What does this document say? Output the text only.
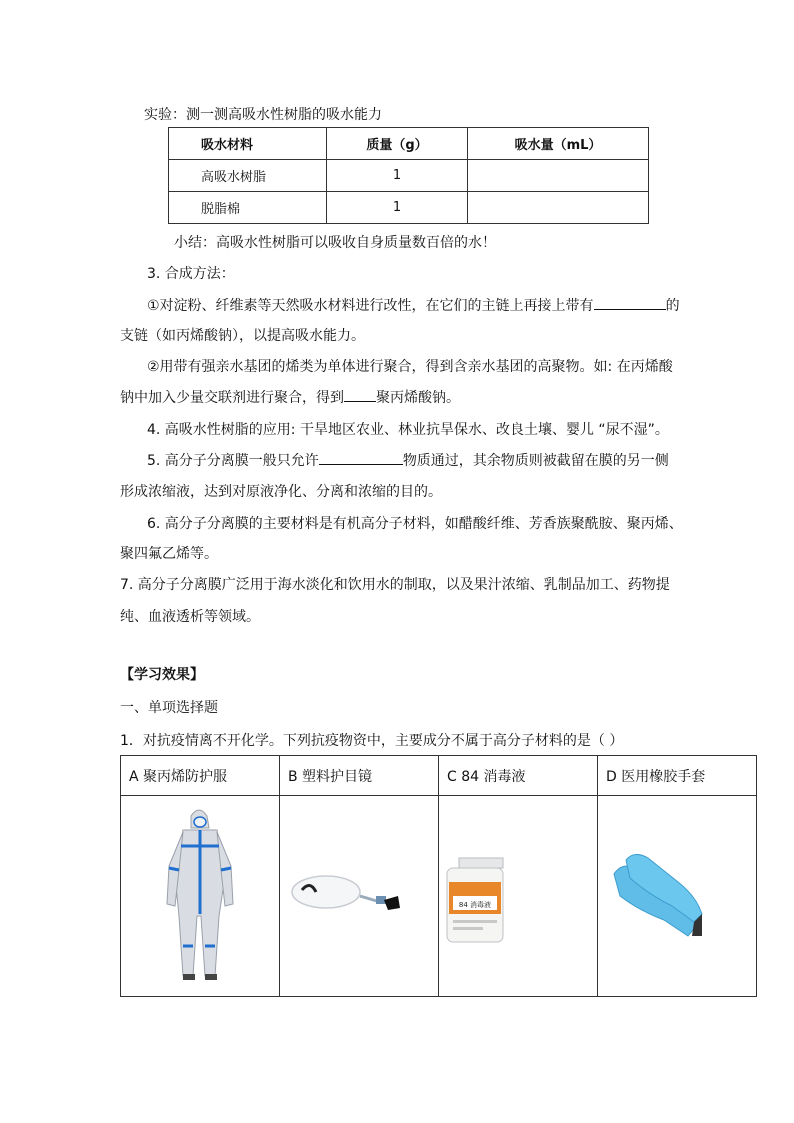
实验：测一测高吸水性树脂的吸水能力
吸水材料	质量（g）	吸水量（mL）
高吸水树脂	1	
脱脂棉	1	
小结：高吸水性树脂可以吸收自身质量数百倍的水！
3. 合成方法：
①对淀粉、纤维素等天然吸水材料进行改性，在它们的主链上再接上带有	的
支链（如丙烯酸钠），以提高吸水能力。
②用带有强亲水基团的烯类为单体进行聚合，得到含亲水基团的高聚物。如: 在丙烯酸
钠中加入少量交联剂进行聚合，得到 聚丙烯酸钠。
4. 高吸水性树脂的应用: 干旱地区农业、林业抗旱保水、改良土壤、婴儿 “尿不湿”。
5. 高分子分离膜一般只允许	物质通过，其余物质则被截留在膜的另一侧
形成浓缩液，达到对原液净化、分离和浓缩的目的。
6. 高分子分离膜的主要材料是有机高分子材料，如醋酸纤维、芳香族聚酰胺、聚丙烯、
聚四氟乙烯等。
7. 高分子分离膜广泛用于海水淡化和饮用水的制取，以及果汁浓缩、乳制品加工、药物提
纯、血液透析等领域。
【学习效果】
一、单项选择题
1．对抗疫情离不开化学。下列抗疫物资中，主要成分不属于高分子材料的是（ ）
A 聚丙烯防护服	B 塑料护目镜	C 84 消毒液	D 医用橡胶手套

84 消毒液
